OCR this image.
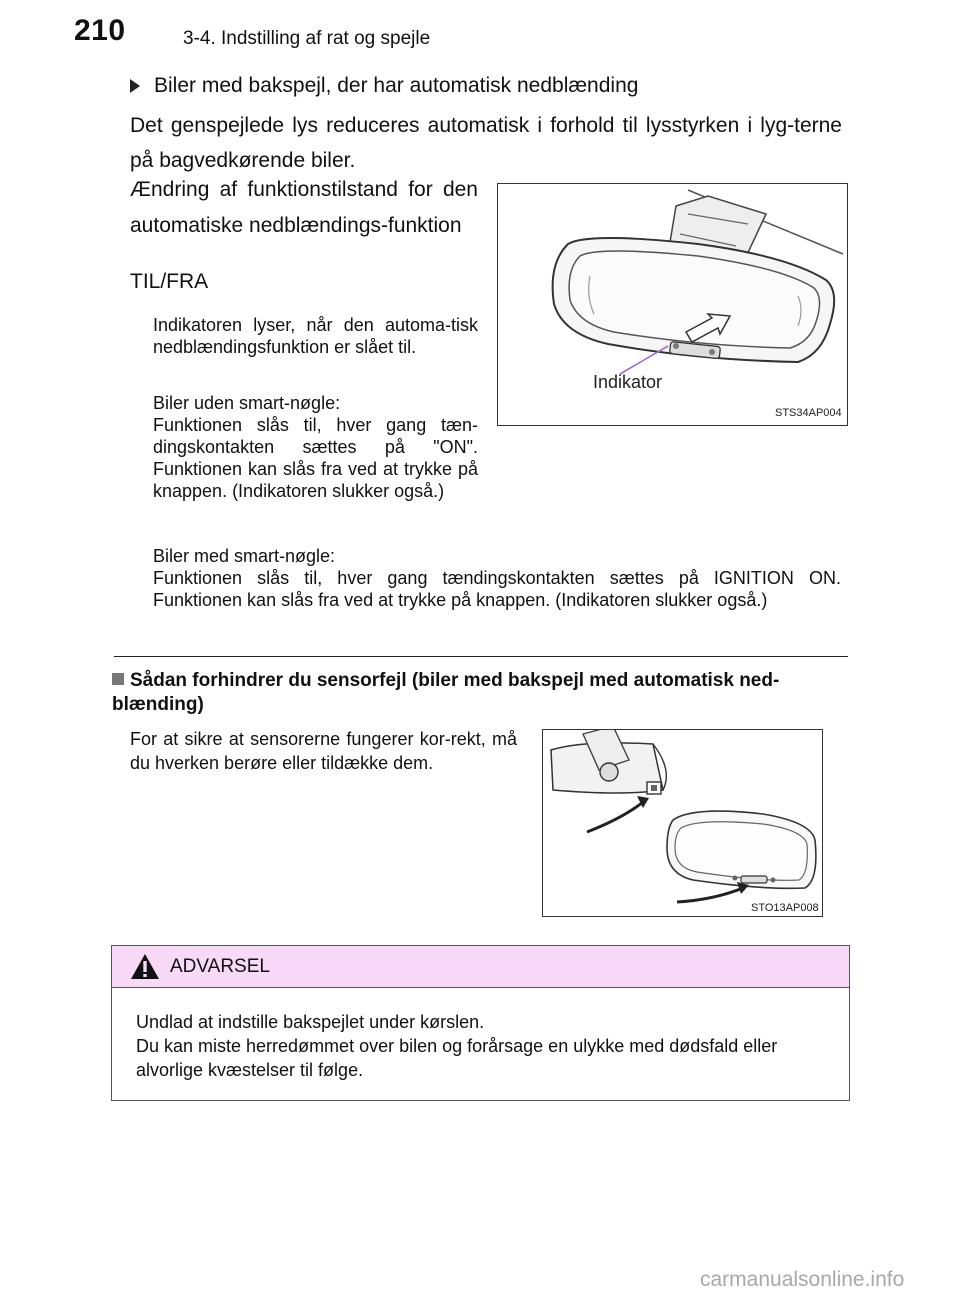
210	3-4. Indstilling af rat og spejle
Biler med bakspejl, der har automatisk nedblænding
Det genspejlede lys reduceres automatisk i forhold til lysstyrken i lyg-terne på bagvedkørende biler.
Ændring af funktionstilstand for den automatiske nedblændings-funktion
TIL/FRA
Indikatoren lyser, når den automa-tisk nedblændingsfunktion er slået til.
Biler uden smart-nøgle:
Funktionen slås til, hver gang tæn-dingskontakten sættes på "ON". Funktionen kan slås fra ved at trykke på knappen. (Indikatoren slukker også.)
Biler med smart-nøgle:
Funktionen slås til, hver gang tændingskontakten sættes på IGNITION ON. Funktionen kan slås fra ved at trykke på knappen. (Indikatoren slukker også.)
Indikator
STS34AP004
Sådan forhindrer du sensorfejl (biler med bakspejl med automatisk ned-blænding)
For at sikre at sensorerne fungerer kor-rekt, må du hverken berøre eller tildække dem.
STO13AP008
ADVARSEL
Undlad at indstille bakspejlet under kørslen.
Du kan miste herredømmet over bilen og forårsage en ulykke med dødsfald eller alvorlige kvæstelser til følge.
carmanualsonline.info
